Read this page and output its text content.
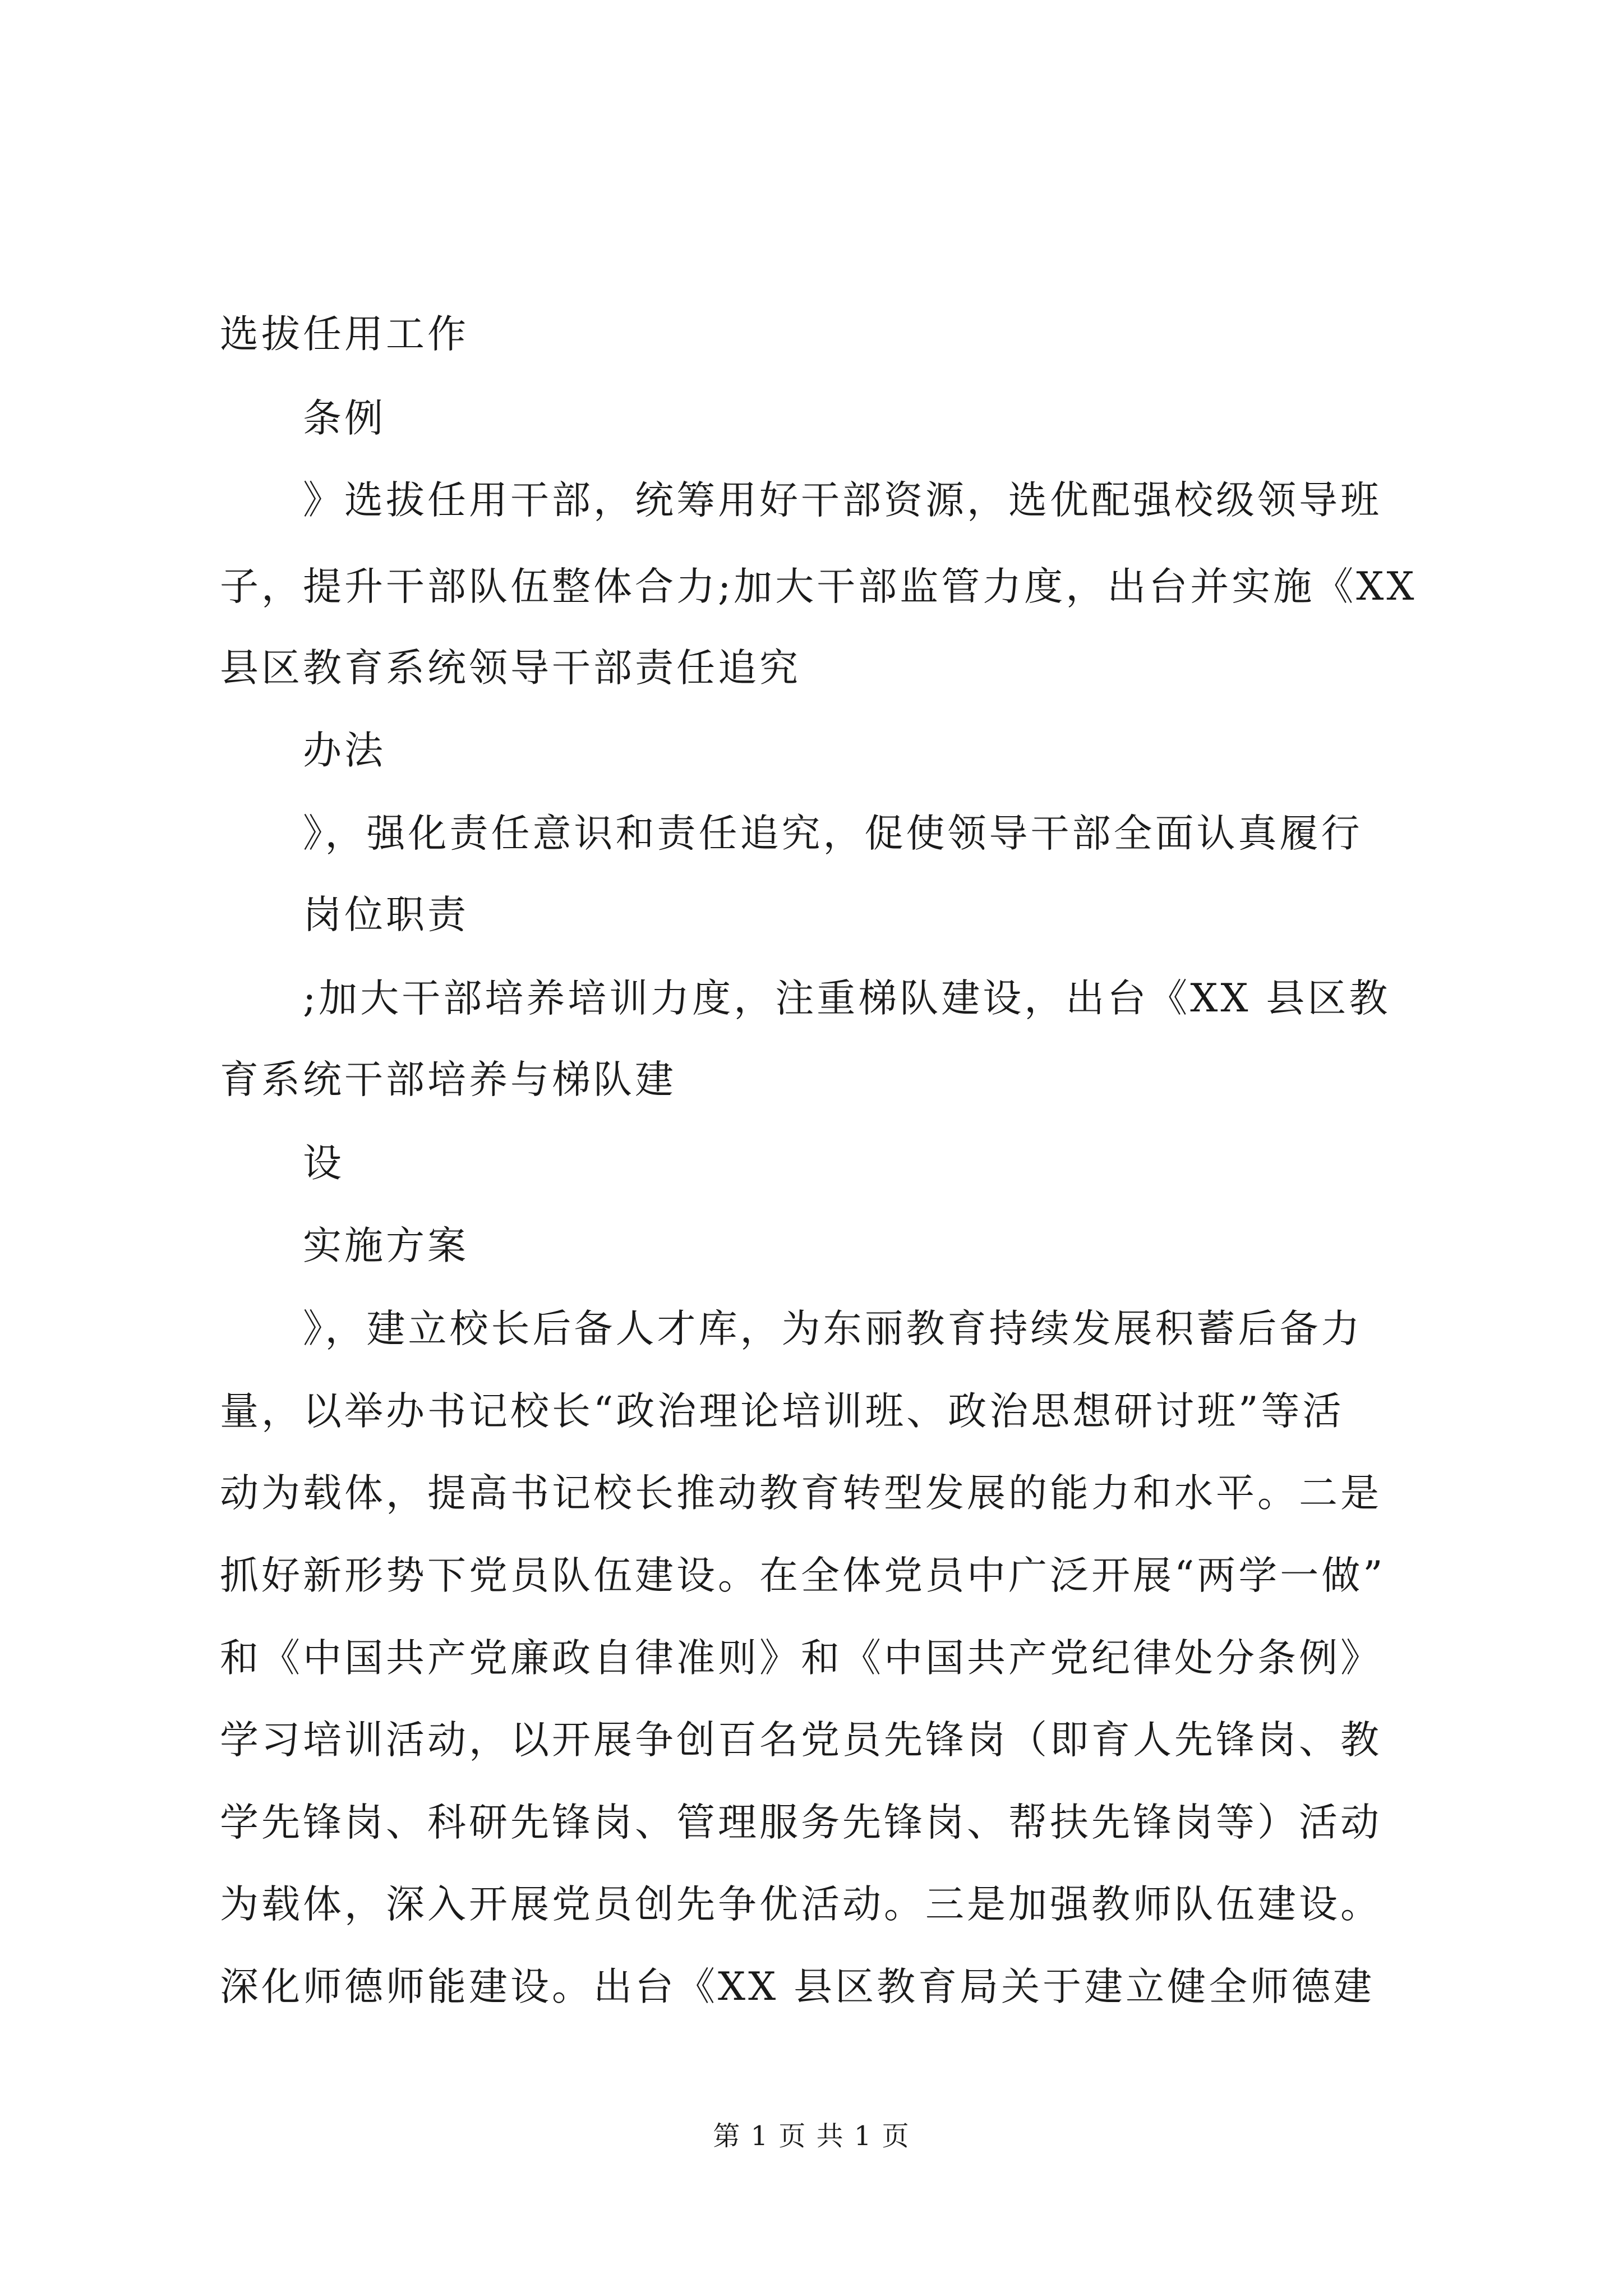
选拔任用工作
条例
》选拔任用干部，统筹用好干部资源，选优配强校级领导班
子，提升干部队伍整体合力;加大干部监管力度，出台并实施《XX
县区教育系统领导干部责任追究
办法
》，强化责任意识和责任追究，促使领导干部全面认真履行
岗位职责
;加大干部培养培训力度，注重梯队建设，出台《XX 县区教
育系统干部培养与梯队建
设
实施方案
》，建立校长后备人才库，为东丽教育持续发展积蓄后备力
量，以举办书记校长“政治理论培训班、政治思想研讨班”等活
动为载体，提高书记校长推动教育转型发展的能力和水平。二是
抓好新形势下党员队伍建设。在全体党员中广泛开展“两学一做”
和《中国共产党廉政自律准则》和《中国共产党纪律处分条例》
学习培训活动，以开展争创百名党员先锋岗（即育人先锋岗、教
学先锋岗、科研先锋岗、管理服务先锋岗、帮扶先锋岗等）活动
为载体，深入开展党员创先争优活动。三是加强教师队伍建设。
深化师德师能建设。出台《XX 县区教育局关于建立健全师德建
第 1 页 共 1 页
